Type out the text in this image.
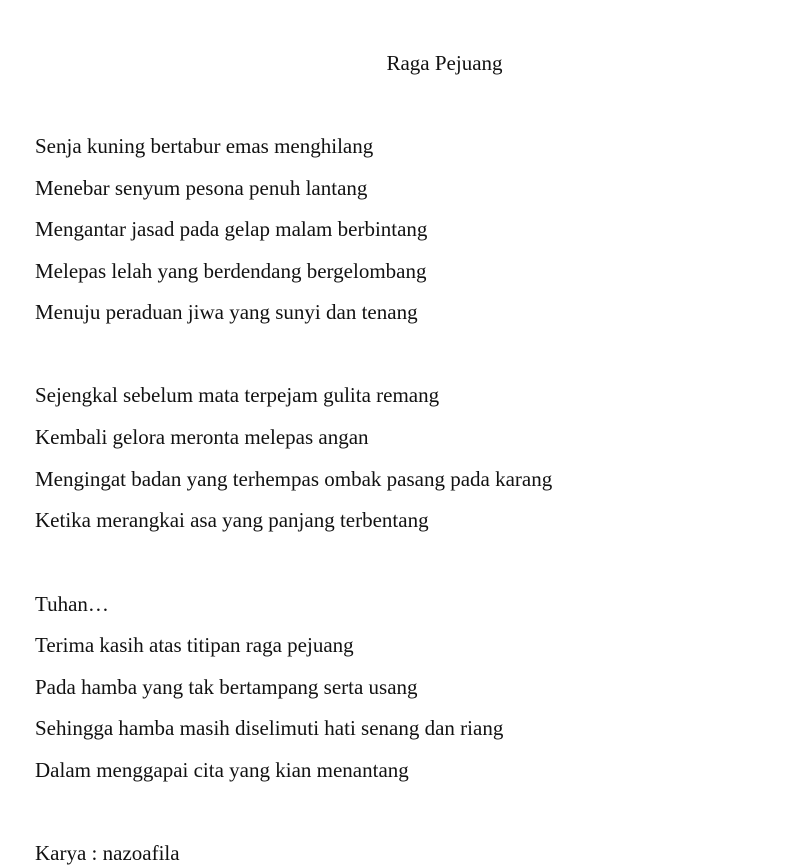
Raga Pejuang

Senja kuning bertabur emas menghilang

Menebar senyum pesona penuh lantang

Mengantar jasad pada gelap malam berbintang

Melepas lelah yang berdendang bergelombang

Menuju peraduan jiwa yang sunyi dan tenang

Sejengkal sebelum mata terpejam gulita remang

Kembali gelora meronta melepas angan

Mengingat badan yang terhempas ombak pasang pada karang

Ketika merangkai asa yang panjang terbentang

Tuhan…

Terima kasih atas titipan raga pejuang

Pada hamba yang tak bertampang serta usang

Sehingga hamba masih diselimuti hati senang dan riang

Dalam menggapai cita yang kian menantang

Karya : nazoafila
